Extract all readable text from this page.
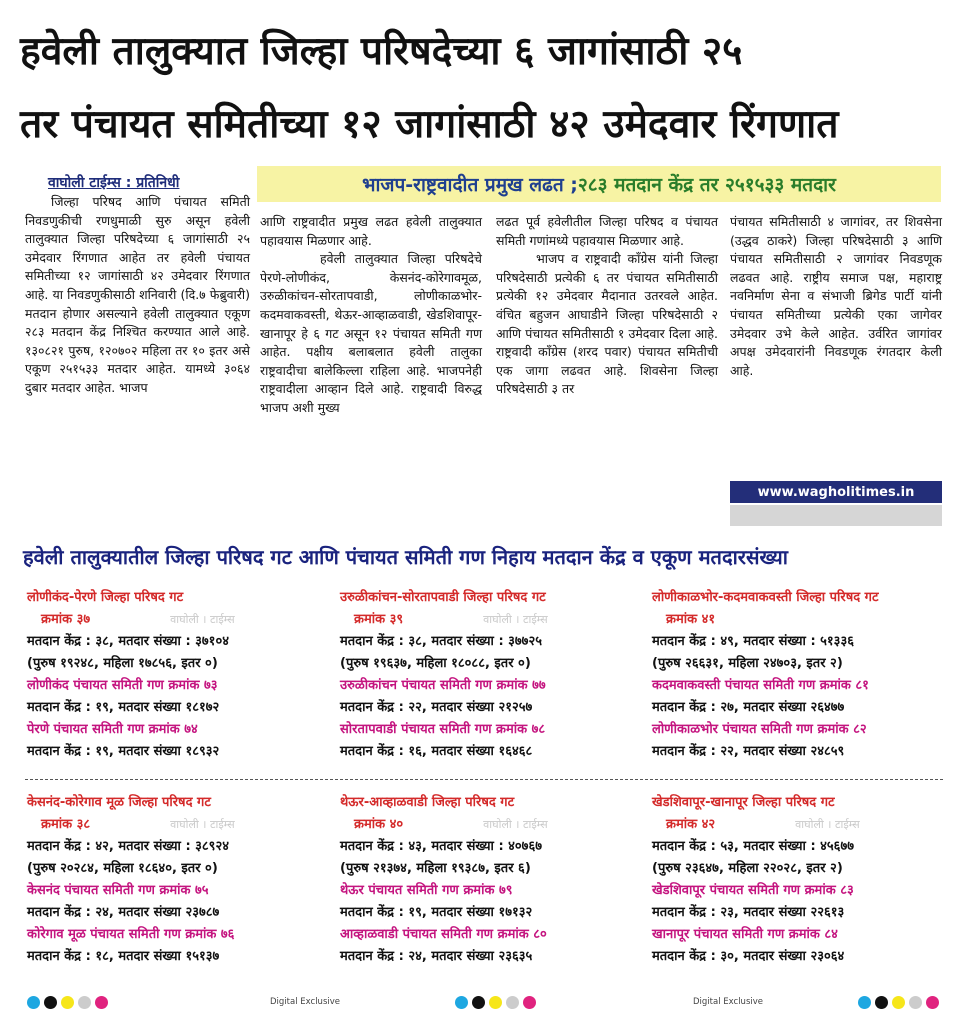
हवेली तालुक्यात जिल्हा परिषदेच्या ६ जागांसाठी २५
तर पंचायत समितीच्या १२ जागांसाठी ४२ उमेदवार रिंगणात
वाघोली टाईम्स : प्रतिनिधी	भाजप-राष्ट्रवादीत प्रमुख लढत ; २८३ मतदान केंद्र तर २५१५३३ मतदार

जिल्हा परिषद आणि पंचायत समिती निवडणुकीची रणधुमाळी सुरु असून हवेली तालुक्यात जिल्हा परिषदेच्या ६ जागांसाठी २५ उमेदवार रिंगणात आहेत तर हवेली पंचायत समितीच्या १२ जागांसाठी ४२ उमेदवार रिंगणात आहे. या निवडणुकीसाठी शनिवारी (दि.७ फेब्रुवारी) मतदान होणार असल्याने हवेली तालुक्यात एकूण २८३ मतदान केंद्र निश्चित करण्यात आले आहे. १३०८२१ पुरुष, १२०७०२ महिला तर १० इतर असे एकूण २५१५३३ मतदार आहेत. यामध्ये ३०६४ दुबार मतदार आहेत. भाजप

आणि राष्ट्रवादीत प्रमुख लढत हवेली तालुक्यात पहावयास मिळणार आहे.

हवेली तालुक्यात जिल्हा परिषदेचे पेरणे-लोणीकंद, केसनंद-कोरेगावमूळ, उरुळीकांचन-सोरतापवाडी, लोणीकाळभोर-कदमवाकवस्ती, थेऊर-आव्हाळवाडी, खेडशिवापूर-खानापूर हे ६ गट असून १२ पंचायत समिती गण आहेत. पक्षीय बलाबलात हवेली तालुका राष्ट्रवादीचा बालेकिल्ला राहिला आहे. भाजपनेही राष्ट्रवादीला आव्हान दिले आहे. राष्ट्रवादी विरुद्ध भाजप अशी मुख्य

लढत पूर्व हवेलीतील जिल्हा परिषद व पंचायत समिती गणांमध्ये पहावयास मिळणार आहे.

भाजप व राष्ट्रवादी काँग्रेस यांनी जिल्हा परिषदेसाठी प्रत्येकी ६ तर पंचायत समितीसाठी प्रत्येकी १२ उमेदवार मैदानात उतरवले आहेत. वंचित बहुजन आघाडीने जिल्हा परिषदेसाठी २ आणि पंचायत समितीसाठी १ उमेदवार दिला आहे. राष्ट्रवादी काँग्रेस (शरद पवार) पंचायत समितीची एक जागा लढवत आहे. शिवसेना जिल्हा परिषदेसाठी ३ तर

पंचायत समितीसाठी ४ जागांवर, तर शिवसेना (उद्धव ठाकरे) जिल्हा परिषदेसाठी ३ आणि पंचायत समितीसाठी २ जागांवर निवडणूक लढवत आहे. राष्ट्रीय समाज पक्ष, महाराष्ट्र नवनिर्माण सेना व संभाजी ब्रिगेड पार्टी यांनी पंचायत समितीच्या प्रत्येकी एका जागेवर उमेदवार उभे केले आहेत. उर्वरित जागांवर अपक्ष उमेदवारांनी निवडणूक रंगतदार केली आहे.

www.wagholitimes.in
हवेली तालुक्यातील जिल्हा परिषद गट आणि पंचायत समिती गण निहाय मतदान केंद्र व एकूण मतदारसंख्या
लोणीकंद-पेरणे जिल्हा परिषद गट
क्रमांक ३७	वाघोली । टाईम्स
मतदान केंद्र : ३८, मतदार संख्या : ३७१०४
(पुरुष १९२४८, महिला १७८५६, इतर ०)
लोणीकंद पंचायत समिती गण क्रमांक ७३
मतदान केंद्र : १९, मतदार संख्या १८१७२
पेरणे पंचायत समिती गण क्रमांक ७४
मतदान केंद्र : १९, मतदार संख्या १८९३२
उरुळीकांचन-सोरतापवाडी जिल्हा परिषद गट
क्रमांक ३९	वाघोली । टाईम्स
मतदान केंद्र : ३८, मतदार संख्या : ३७७२५
(पुरुष १९६३७, महिला १८०८८, इतर ०)
उरुळीकांचन पंचायत समिती गण क्रमांक ७७
मतदान केंद्र : २२, मतदार संख्या २१२५७
सोरतापवाडी पंचायत समिती गण क्रमांक ७८
मतदान केंद्र : १६, मतदार संख्या १६४६८
लोणीकाळभोर-कदमवाकवस्ती जिल्हा परिषद गट
क्रमांक ४१
मतदान केंद्र : ४९, मतदार संख्या : ५१३३६
(पुरुष २६६३१, महिला २४७०३, इतर २)
कदमवाकवस्ती पंचायत समिती गण क्रमांक ८१
मतदान केंद्र : २७, मतदार संख्या २६४७७
लोणीकाळभोर पंचायत समिती गण क्रमांक ८२
मतदान केंद्र : २२, मतदार संख्या २४८५९
केसनंद-कोरेगाव मूळ जिल्हा परिषद गट
क्रमांक ३८	वाघोली । टाईम्स
मतदान केंद्र : ४२, मतदार संख्या : ३८९२४
(पुरुष २०२८४, महिला १८६४०, इतर ०)
केसनंद पंचायत समिती गण क्रमांक ७५
मतदान केंद्र : २४, मतदार संख्या २३७८७
कोरेगाव मूळ पंचायत समिती गण क्रमांक ७६
मतदान केंद्र : १८, मतदार संख्या १५१३७
थेऊर-आव्हाळवाडी जिल्हा परिषद गट
क्रमांक ४०	वाघोली । टाईम्स
मतदान केंद्र : ४३, मतदार संख्या : ४०७६७
(पुरुष २१३७४, महिला १९३८७, इतर ६)
थेऊर पंचायत समिती गण क्रमांक ७९
मतदान केंद्र : १९, मतदार संख्या १७१३२
आव्हाळवाडी पंचायत समिती गण क्रमांक ८०
मतदान केंद्र : २४, मतदार संख्या २३६३५
खेडशिवापूर-खानापूर जिल्हा परिषद गट
क्रमांक ४२	वाघोली । टाईम्स
मतदान केंद्र : ५३, मतदार संख्या : ४५६७७
(पुरुष २३६४७, महिला २२०२८, इतर २)
खेडशिवापूर पंचायत समिती गण क्रमांक ८३
मतदान केंद्र : २३, मतदार संख्या २२६१३
खानापूर पंचायत समिती गण क्रमांक ८४
मतदान केंद्र : ३०, मतदार संख्या २३०६४
Digital Exclusive	Digital Exclusive
